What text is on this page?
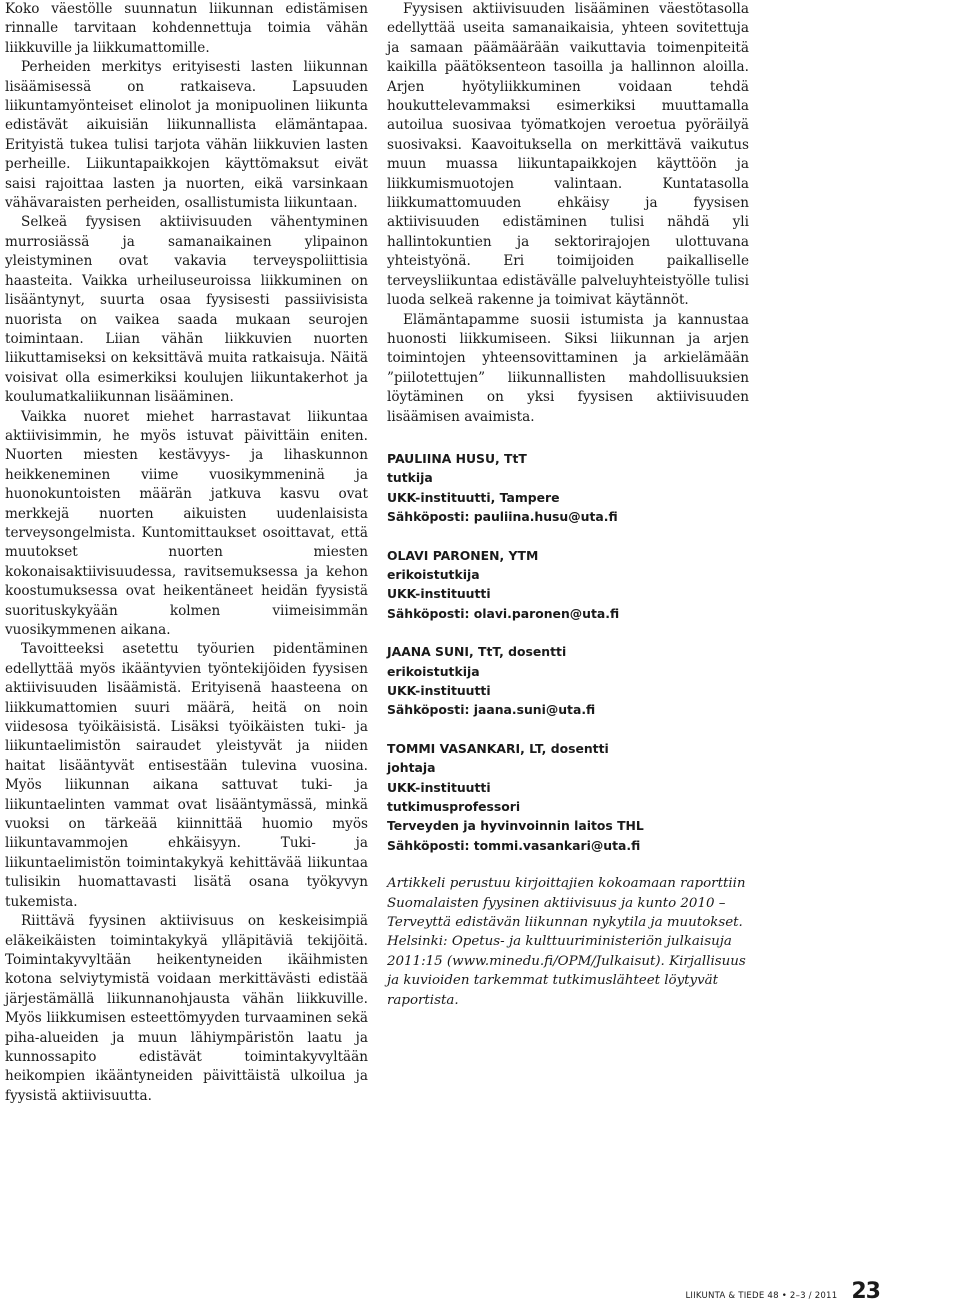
Koko väestölle suunnatun liikunnan edistämisen rinnalle tarvitaan kohdennettuja toimia vähän liikkuville ja liikkumattomille.

Perheiden merkitys erityisesti lasten liikunnan lisäämisessä on ratkaiseva. Lapsuuden liikuntamyönteiset elinolot ja monipuolinen liikunta edistävät aikuisiän liikunnallista elämäntapaa. Erityistä tukea tulisi tarjota vähän liikkuvien lasten perheille. Liikuntapaikkojen käyttömaksut eivät saisi rajoittaa lasten ja nuorten, eikä varsinkaan vähävaraisten perheiden, osallistumista liikuntaan.

Selkeä fyysisen aktiivisuuden vähentyminen murrosiässä ja samanaikainen ylipainon yleistyminen ovat vakavia terveyspoliittisia haasteita. Vaikka urheiluseuroissa liikkuminen on lisääntynyt, suurta osaa fyysisesti passiivisista nuorista on vaikea saada mukaan seurojen toimintaan. Liian vähän liikkuvien nuorten liikuttamiseksi on keksittävä muita ratkaisuja. Näitä voisivat olla esimerkiksi koulujen liikuntakerhot ja koulumatkaliikunnan lisääminen.

Vaikka nuoret miehet harrastavat liikuntaa aktiivisimmin, he myös istuvat päivittäin eniten. Nuorten miesten kestävyys- ja lihaskunnon heikkeneminen viime vuosikymmeninä ja huonokuntoisten määrän jatkuva kasvu ovat merkkejä nuorten aikuisten uudenlaisista terveysongelmista. Kuntomittaukset osoittavat, että muutokset nuorten miesten kokonaisaktiivisuudessa, ravitsemuksessa ja kehon koostumuksessa ovat heikentäneet heidän fyysistä suorituskykyään kolmen viimeisimmän vuosikymmenen aikana.

Tavoitteeksi asetettu työurien pidentäminen edellyttää myös ikääntyvien työntekijöiden fyysisen aktiivisuuden lisäämistä. Erityisenä haasteena on liikkumattomien suuri määrä, heitä on noin viidesosa työikäisistä. Lisäksi työikäisten tuki- ja liikuntaelimistön sairaudet yleistyvät ja niiden haitat lisääntyvät entisestään tulevina vuosina. Myös liikunnan aikana sattuvat tuki- ja liikuntaelinten vammat ovat lisääntymässä, minkä vuoksi on tärkeää kiinnittää huomio myös liikuntavammojen ehkäisyyn. Tuki- ja liikuntaelimistön toimintakykyä kehittävää liikuntaa tulisikin huomattavasti lisätä osana työkyvyn tukemista.

Riittävä fyysinen aktiivisuus on keskeisimpiä eläkeikäisten toimintakykyä ylläpitäviä tekijöitä. Toimintakyvyltään heikentyneiden ikäihmisten kotona selviytymistä voidaan merkittävästi edistää järjestämällä liikunnanohjausta vähän liikkuville. Myös liikkumisen esteettömyyden turvaaminen sekä piha-alueiden ja muun lähiympäristön laatu ja kunnossapito edistävät toimintakyvyltään heikompien ikääntyneiden päivittäistä ulkoilua ja fyysistä aktiivisuutta.

Fyysisen aktiivisuuden lisääminen väestötasolla edellyttää useita samanaikaisia, yhteen sovitettuja ja samaan päämäärään vaikuttavia toimenpiteitä kaikilla päätöksenteon tasoilla ja hallinnon aloilla. Arjen hyötyliikkuminen voidaan tehdä houkuttelevammaksi esimerkiksi muuttamalla autoilua suosivaa työmatkojen veroetua pyöräilyä suosivaksi. Kaavoituksella on merkittävä vaikutus muun muassa liikuntapaikkojen käyttöön ja liikkumismuotojen valintaan. Kuntatasolla liikkumattomuuden ehkäisy ja fyysisen aktiivisuuden edistäminen tulisi nähdä yli hallintokuntien ja sektorirajojen ulottuvana yhteistyönä. Eri toimijoiden paikalliselle terveysliikuntaa edistävälle palveluyhteistyölle tulisi luoda selkeä rakenne ja toimivat käytännöt.

Elämäntapamme suosii istumista ja kannustaa huonosti liikkumiseen. Siksi liikunnan ja arjen toimintojen yhteensovittaminen ja arkielämään ”piilotettujen” liikunnallisten mahdollisuuksien löytäminen on yksi fyysisen aktiivisuuden lisäämisen avaimista.

PAULIINA HUSU, TtT
tutkija
UKK-instituutti, Tampere
Sähköposti: pauliina.husu@uta.fi
OLAVI PARONEN, YTM
erikoistutkija
UKK-instituutti
Sähköposti: olavi.paronen@uta.fi
JAANA SUNI, TtT, dosentti
erikoistutkija
UKK-instituutti
Sähköposti: jaana.suni@uta.fi
TOMMI VASANKARI, LT, dosentti
johtaja
UKK-instituutti
tutkimusprofessori
Terveyden ja hyvinvoinnin laitos THL
Sähköposti: tommi.vasankari@uta.fi

Artikkeli perustuu kirjoittajien kokoamaan raporttiin Suomalaisten fyysinen aktiivisuus ja kunto 2010 – Terveyttä edistävän liikunnan nykytila ja muutokset. Helsinki: Opetus- ja kulttuuriministeriön julkaisuja 2011:15 (www.minedu.fi/OPM/Julkaisut). Kirjallisuus ja kuvioiden tarkemmat tutkimuslähteet löytyvät raportista.

LIIKUNTA & TIEDE 48 • 2–3 / 2011 23
